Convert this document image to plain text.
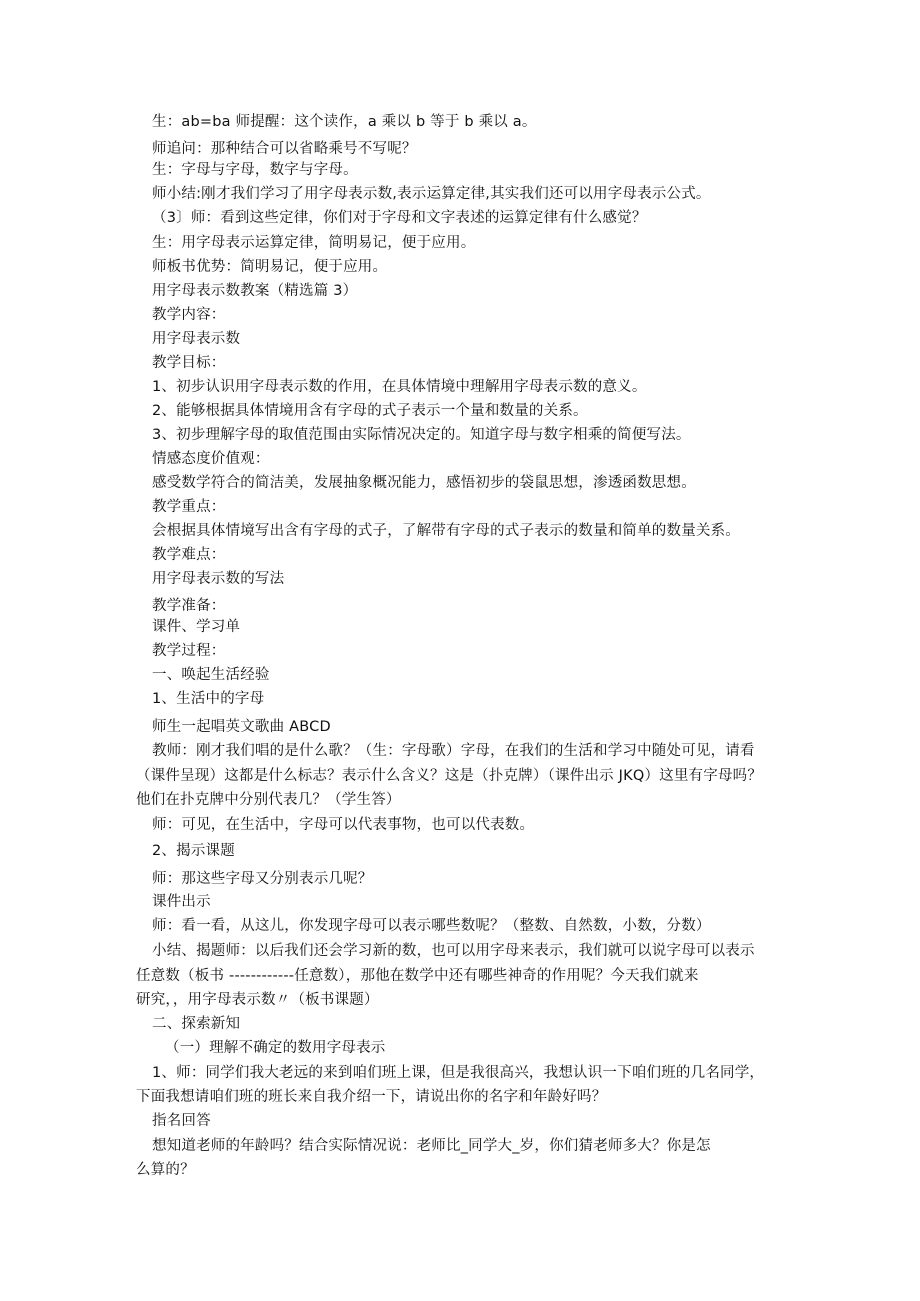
生：ab=ba 师提醒：这个读作，a 乘以 b 等于 b 乘以 a。
师追问：那种结合可以省略乘号不写呢？
生：字母与字母，数字与字母。
师小结:刚才我们学习了用字母表示数,表示运算定律,其实我们还可以用字母表示公式。
（3〕师：看到这些定律，你们对于字母和文字表述的运算定律有什么感觉？
生：用字母表示运算定律，简明易记，便于应用。
师板书优势：简明易记，便于应用。
用字母表示数教案（精选篇 3）
教学内容：
用字母表示数
教学目标：
1、初步认识用字母表示数的作用，在具体情境中理解用字母表示数的意义。
2、能够根据具体情境用含有字母的式子表示一个量和数量的关系。
3、初步理解字母的取值范围由实际情况决定的。知道字母与数字相乘的简便写法。
情感态度价值观：
感受数学符合的简洁美，发展抽象概况能力，感悟初步的袋鼠思想，渗透函数思想。
教学重点：
会根据具体情境写出含有字母的式子，了解带有字母的式子表示的数量和简单的数量关系。
教学难点：
用字母表示数的写法
教学准备：
课件、学习单
教学过程：
一、唤起生活经验
1、生活中的字母
师生一起唱英文歌曲 ABCD
教师：刚才我们唱的是什么歌？（生：字母歌）字母，在我们的生活和学习中随处可见，请看
（课件呈现）这都是什么标志？表示什么含义？这是（扑克牌）（课件出示 JKQ）这里有字母吗？
他们在扑克牌中分别代表几？（学生答）
师：可见，在生活中，字母可以代表事物，也可以代表数。
2、揭示课题
师：那这些字母又分别表示几呢？
课件出示
师：看一看，从这儿，你发现字母可以表示哪些数呢？（整数、自然数，小数，分数）
小结、揭题师：以后我们还会学习新的数，也可以用字母来表示，我们就可以说字母可以表示
任意数（板书 ------------任意数），那他在数学中还有哪些神奇的作用呢？今天我们就来
研究，，用字母表示数〃（板书课题）
二、探索新知
（一）理解不确定的数用字母表示
1、师：同学们我大老远的来到咱们班上课，但是我很高兴，我想认识一下咱们班的几名同学，
下面我想请咱们班的班长来自我介绍一下，请说出你的名字和年龄好吗？
指名回答
想知道老师的年龄吗？结合实际情况说：老师比_同学大_岁，你们猜老师多大？你是怎
么算的？
